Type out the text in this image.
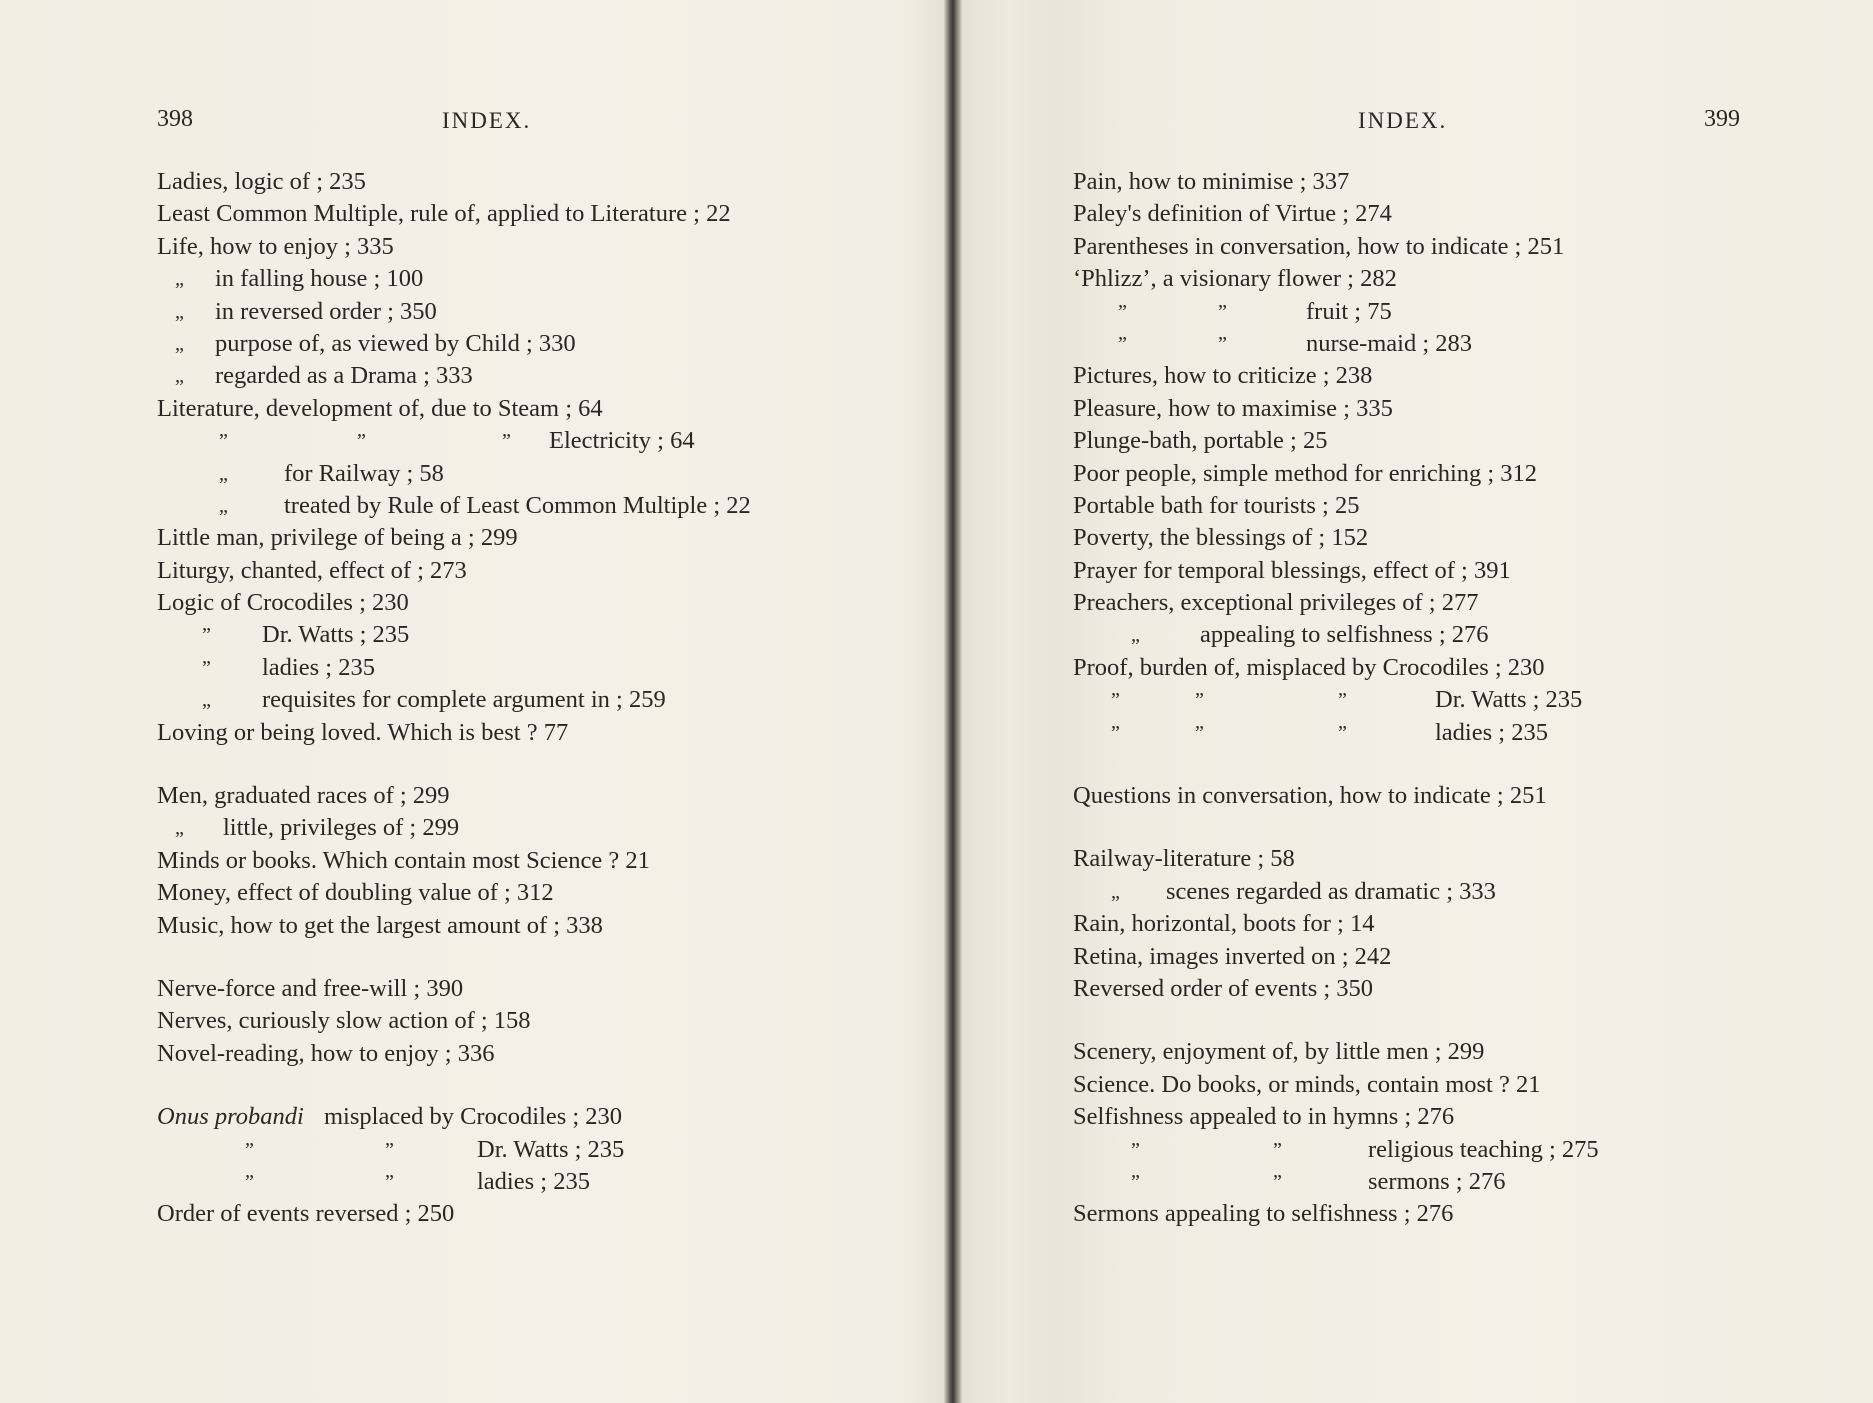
398	INDEX.
Ladies, logic of ; 235
Least Common Multiple, rule of, applied to Literature ; 22
Life, how to enjoy ; 335
„ in falling house ; 100
„ in reversed order ; 350
„ purpose of, as viewed by Child ; 330
„ regarded as a Drama ; 333
Literature, development of, due to Steam ; 64
”	”	” Electricity ; 64
„ for Railway ; 58
„ treated by Rule of Least Common Multiple ; 22
Little man, privilege of being a ; 299
Liturgy, chanted, effect of ; 273
Logic of Crocodiles ; 230
” Dr. Watts ; 235
” ladies ; 235
„ requisites for complete argument in ; 259
Loving or being loved. Which is best ? 77
Men, graduated races of ; 299
„ little, privileges of ; 299
Minds or books. Which contain most Science ? 21
Money, effect of doubling value of ; 312
Music, how to get the largest amount of ; 338
Nerve-force and free-will ; 390
Nerves, curiously slow action of ; 158
Novel-reading, how to enjoy ; 336
Onus probandi misplaced by Crocodiles ; 230
”	”	Dr. Watts ; 235
”	”	ladies ; 235
Order of events reversed ; 250
INDEX.	399
Pain, how to minimise ; 337
Paley's definition of Virtue ; 274
Parentheses in conversation, how to indicate ; 251
‘Phlizz’, a visionary flower ; 282
”	”	fruit ; 75
”	”	nurse-maid ; 283
Pictures, how to criticize ; 238
Pleasure, how to maximise ; 335
Plunge-bath, portable ; 25
Poor people, simple method for enriching ; 312
Portable bath for tourists ; 25
Poverty, the blessings of ; 152
Prayer for temporal blessings, effect of ; 391
Preachers, exceptional privileges of ; 277
„ appealing to selfishness ; 276
Proof, burden of, misplaced by Crocodiles ; 230
”	”	”	Dr. Watts ; 235
”	”	”	ladies ; 235
Questions in conversation, how to indicate ; 251
Railway-literature ; 58
„ scenes regarded as dramatic ; 333
Rain, horizontal, boots for ; 14
Retina, images inverted on ; 242
Reversed order of events ; 350
Scenery, enjoyment of, by little men ; 299
Science. Do books, or minds, contain most ? 21
Selfishness appealed to in hymns ; 276
”	”	religious teaching ; 275
”	”	sermons ; 276
Sermons appealing to selfishness ; 276
